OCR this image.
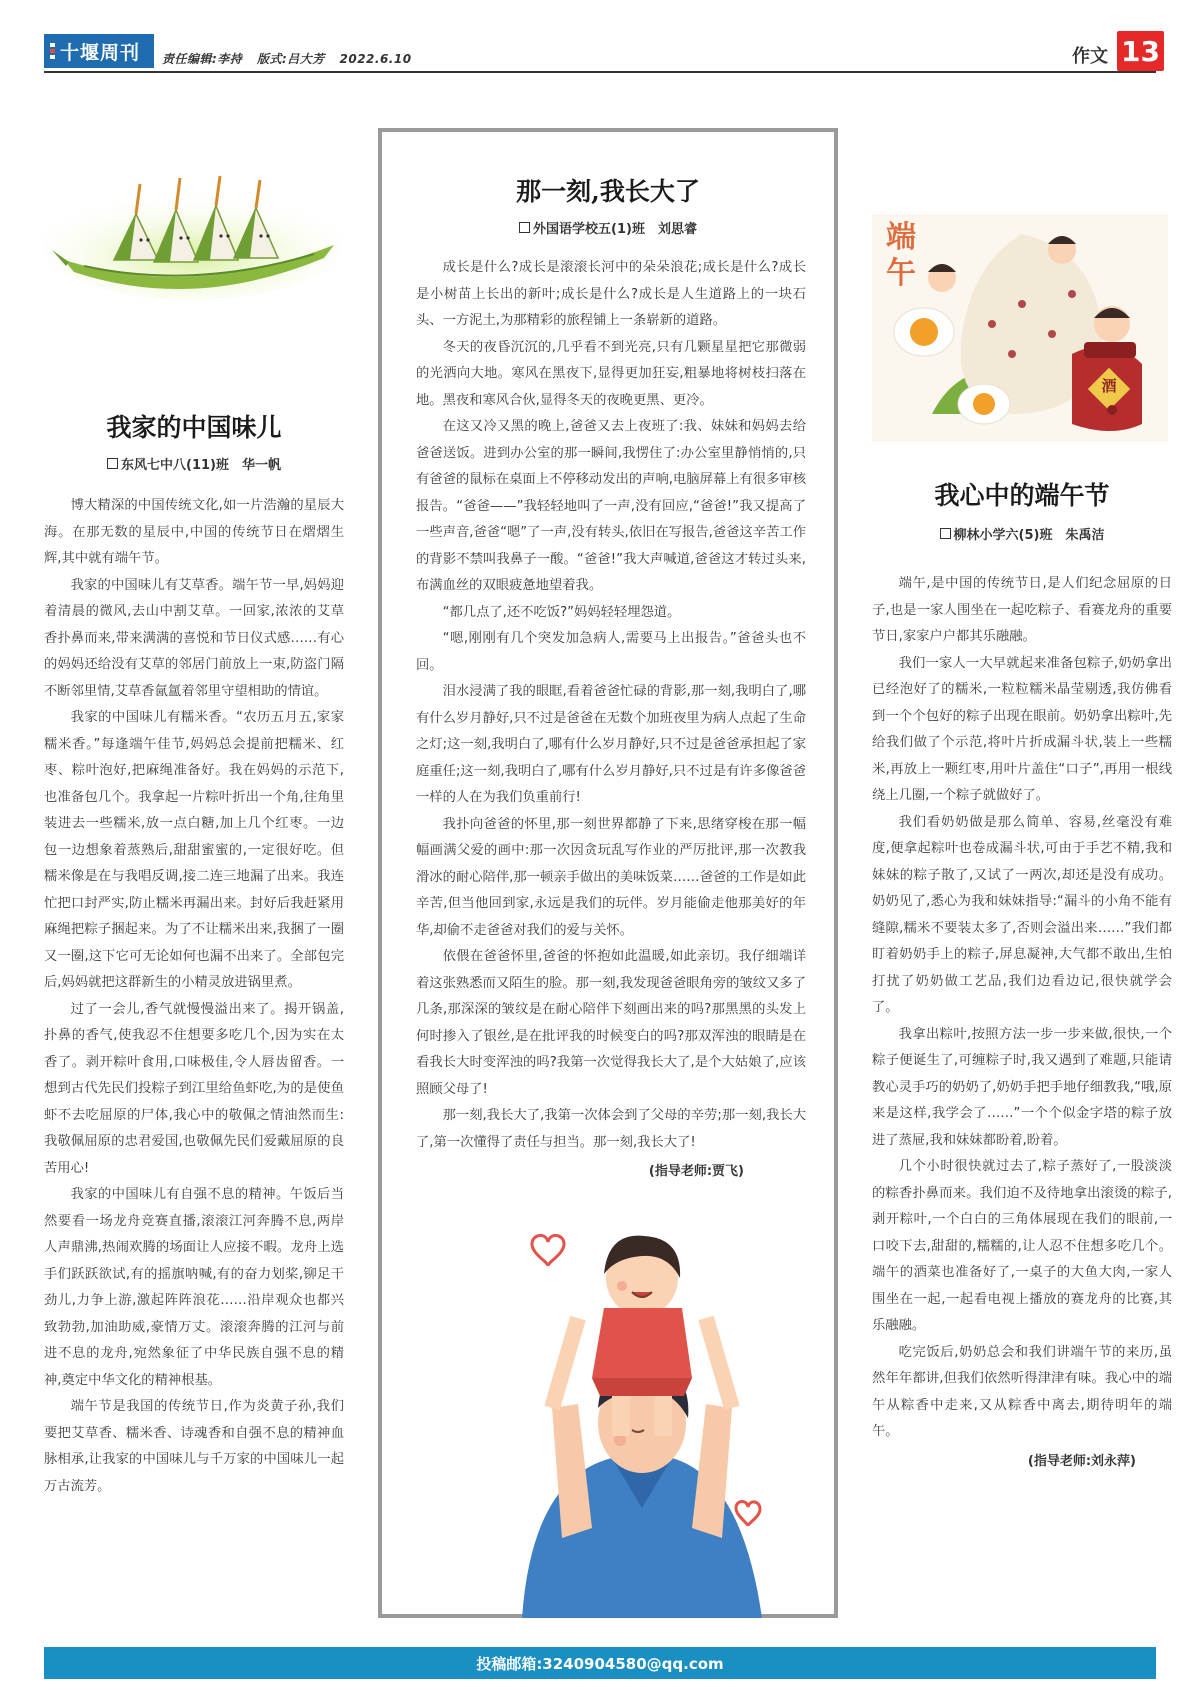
十堰周刊 责任编辑:李持 版式:吕大芳 2022.6.10	作文 13
我家的中国味儿
东风七中八(11)班 华一帆

博大精深的中国传统文化,如一片浩瀚的星辰大海。在那无数的星辰中,中国的传统节日在熠熠生辉,其中就有端午节。

我家的中国味儿有艾草香。端午节一早,妈妈迎着清晨的微风,去山中割艾草。一回家,浓浓的艾草香扑鼻而来,带来满满的喜悦和节日仪式感……有心的妈妈还给没有艾草的邻居门前放上一束,防盗门隔不断邻里情,艾草香氤氲着邻里守望相助的情谊。

我家的中国味儿有糯米香。“农历五月五,家家糯米香。”每逢端午佳节,妈妈总会提前把糯米、红枣、粽叶泡好,把麻绳准备好。我在妈妈的示范下,也准备包几个。我拿起一片粽叶折出一个角,往角里装进去一些糯米,放一点白糖,加上几个红枣。一边包一边想象着蒸熟后,甜甜蜜蜜的,一定很好吃。但糯米像是在与我唱反调,接二连三地漏了出来。我连忙把口封严实,防止糯米再漏出来。封好后我赶紧用麻绳把粽子捆起来。为了不让糯米出来,我捆了一圈又一圈,这下它可无论如何也漏不出来了。全部包完后,妈妈就把这群新生的小精灵放进锅里煮。

过了一会儿,香气就慢慢溢出来了。揭开锅盖,扑鼻的香气,使我忍不住想要多吃几个,因为实在太香了。剥开粽叶食用,口味极佳,令人唇齿留香。一想到古代先民们投粽子到江里给鱼虾吃,为的是使鱼虾不去吃屈原的尸体,我心中的敬佩之情油然而生:我敬佩屈原的忠君爱国,也敬佩先民们爱戴屈原的良苦用心!

我家的中国味儿有自强不息的精神。午饭后当然要看一场龙舟竞赛直播,滚滚江河奔腾不息,两岸人声鼎沸,热闹欢腾的场面让人应接不暇。龙舟上选手们跃跃欲试,有的摇旗呐喊,有的奋力划桨,铆足干劲儿,力争上游,激起阵阵浪花……沿岸观众也都兴致勃勃,加油助威,豪情万丈。滚滚奔腾的江河与前进不息的龙舟,宛然象征了中华民族自强不息的精神,奠定中华文化的精神根基。

端午节是我国的传统节日,作为炎黄子孙,我们要把艾草香、糯米香、诗魂香和自强不息的精神血脉相承,让我家的中国味儿与千万家的中国味儿一起万古流芳。

那一刻,我长大了
外国语学校五(1)班 刘思睿

成长是什么?成长是滚滚长河中的朵朵浪花;成长是什么?成长是小树苗上长出的新叶;成长是什么?成长是人生道路上的一块石头、一方泥土,为那精彩的旅程铺上一条崭新的道路。

冬天的夜昏沉沉的,几乎看不到光亮,只有几颗星星把它那微弱的光洒向大地。寒风在黑夜下,显得更加狂妄,粗暴地将树枝扫落在地。黑夜和寒风合伙,显得冬天的夜晚更黑、更冷。

在这又冷又黑的晚上,爸爸又去上夜班了:我、妹妹和妈妈去给爸爸送饭。进到办公室的那一瞬间,我愣住了:办公室里静悄悄的,只有爸爸的鼠标在桌面上不停移动发出的声响,电脑屏幕上有很多审核报告。“爸爸——”我轻轻地叫了一声,没有回应,“爸爸!”我又提高了一些声音,爸爸“嗯”了一声,没有转头,依旧在写报告,爸爸这辛苦工作的背影不禁叫我鼻子一酸。“爸爸!”我大声喊道,爸爸这才转过头来,布满血丝的双眼疲惫地望着我。

“都几点了,还不吃饭?”妈妈轻轻埋怨道。

“嗯,刚刚有几个突发加急病人,需要马上出报告。”爸爸头也不回。

泪水浸满了我的眼眶,看着爸爸忙碌的背影,那一刻,我明白了,哪有什么岁月静好,只不过是爸爸在无数个加班夜里为病人点起了生命之灯;这一刻,我明白了,哪有什么岁月静好,只不过是爸爸承担起了家庭重任;这一刻,我明白了,哪有什么岁月静好,只不过是有许多像爸爸一样的人在为我们负重前行!

我扑向爸爸的怀里,那一刻世界都静了下来,思绪穿梭在那一幅幅画满父爱的画中:那一次因贪玩乱写作业的严厉批评,那一次教我滑冰的耐心陪伴,那一顿亲手做出的美味饭菜……爸爸的工作是如此辛苦,但当他回到家,永远是我们的玩伴。岁月能偷走他那美好的年华,却偷不走爸爸对我们的爱与关怀。

依偎在爸爸怀里,爸爸的怀抱如此温暖,如此亲切。我仔细端详着这张熟悉而又陌生的脸。那一刻,我发现爸爸眼角旁的皱纹又多了几条,那深深的皱纹是在耐心陪伴下刻画出来的吗?那黑黑的头发上何时掺入了银丝,是在批评我的时候变白的吗?那双浑浊的眼睛是在看我长大时变浑浊的吗?我第一次觉得我长大了,是个大姑娘了,应该照顾父母了!

那一刻,我长大了,我第一次体会到了父母的辛劳;那一刻,我长大了,第一次懂得了责任与担当。那一刻,我长大了!

(指导老师:贾飞)
端午
酒
我心中的端午节
柳林小学六(5)班 朱禹洁

端午,是中国的传统节日,是人们纪念屈原的日子,也是一家人围坐在一起吃粽子、看赛龙舟的重要节日,家家户户都其乐融融。

我们一家人一大早就起来准备包粽子,奶奶拿出已经泡好了的糯米,一粒粒糯米晶莹剔透,我仿佛看到一个个包好的粽子出现在眼前。奶奶拿出粽叶,先给我们做了个示范,将叶片折成漏斗状,装上一些糯米,再放上一颗红枣,用叶片盖住“口子”,再用一根线绕上几圈,一个粽子就做好了。

我们看奶奶做是那么简单、容易,丝毫没有难度,便拿起粽叶也卷成漏斗状,可由于手艺不精,我和妹妹的粽子散了,又试了一两次,却还是没有成功。奶奶见了,悉心为我和妹妹指导:“漏斗的小角不能有缝隙,糯米不要装太多了,否则会溢出来……”我们都盯着奶奶手上的粽子,屏息凝神,大气都不敢出,生怕打扰了奶奶做工艺品,我们边看边记,很快就学会了。

我拿出粽叶,按照方法一步一步来做,很快,一个粽子便诞生了,可缠粽子时,我又遇到了难题,只能请教心灵手巧的奶奶了,奶奶手把手地仔细教我,“哦,原来是这样,我学会了……”一个个似金字塔的粽子放进了蒸屉,我和妹妹都盼着,盼着。

几个小时很快就过去了,粽子蒸好了,一股淡淡的粽香扑鼻而来。我们迫不及待地拿出滚烫的粽子,剥开粽叶,一个白白的三角体展现在我们的眼前,一口咬下去,甜甜的,糯糯的,让人忍不住想多吃几个。端午的酒菜也准备好了,一桌子的大鱼大肉,一家人围坐在一起,一起看电视上播放的赛龙舟的比赛,其乐融融。

吃完饭后,奶奶总会和我们讲端午节的来历,虽然年年都讲,但我们依然听得津津有味。我心中的端午从粽香中走来,又从粽香中离去,期待明年的端午。

(指导老师:刘永萍)
投稿邮箱:3240904580@qq.com
